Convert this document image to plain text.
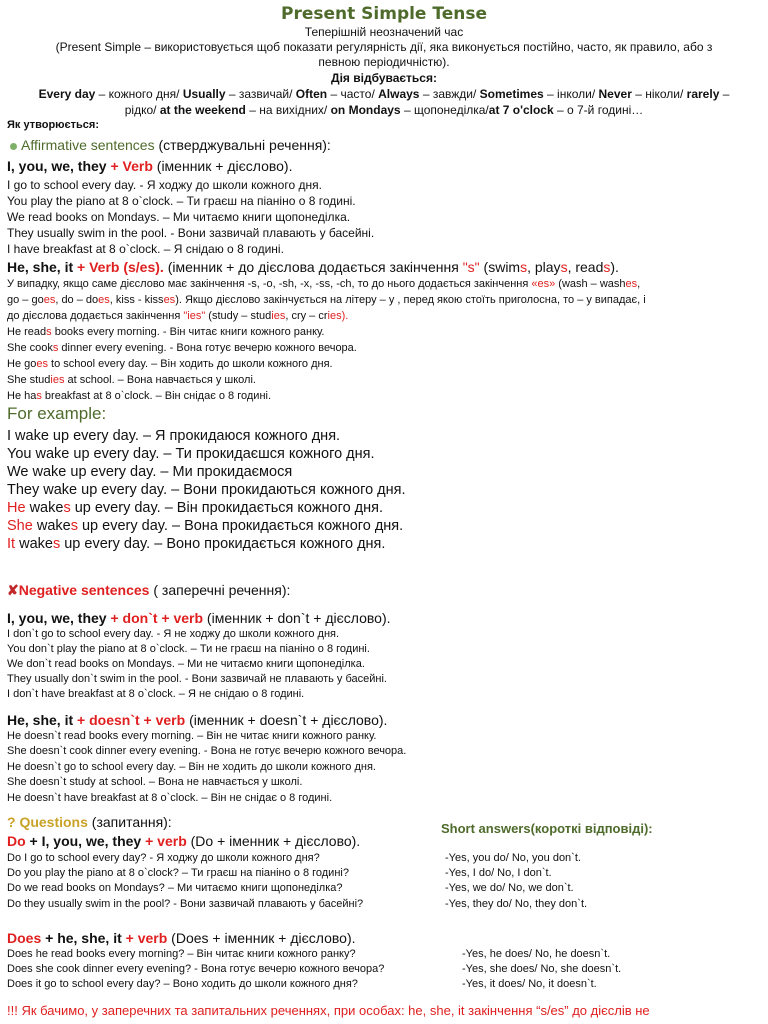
Present Simple Tense
Теперішній неозначений час
(Present Simple – використовується щоб показати регулярність дії, яка виконується постійно, часто, як правило, або з
певною періодичністю).
Дія відбувається:
Every day – кожного дня/ Usually – зазвичай/ Often – часто/ Always – завжди/ Sometimes – інколи/ Never – ніколи/ rarely –
рідко/ at the weekend – на вихідних/ on Mondays – щопонеділка/at 7 o'clock – о 7-й годині…
Як утворюється:
Affirmative sentences (стверджувальні речення):
I, you, we, they + Verb (іменник + дієслово).
I go to school every day. - Я ходжу до школи кожного дня.
You play the piano at 8 o`clock. – Ти граєш на піаніно о 8 годині.
We read books on Mondays. – Ми читаємо книги щопонеділка.
They usually swim in the pool. - Вони зазвичай плавають у басейні.
I have breakfast at 8 o`clock. – Я снідаю о 8 годині.
He, she, it + Verb (s/es). (іменник + до дієслова додається закінчення "s" (swims, plays, reads).
У випадку, якщо саме дієслово має закінчення -s, -o, -sh, -x, -ss, -ch, то до нього додається закінчення «es» (wash – washes,
go – goes, do – does, kiss - kisses). Якщо дієслово закінчується на літеру – у , перед якою стоїть приголосна, то – у випадає, і
до дієслова додається закінчення "ies" (study – studies, cry – cries).
He reads books every morning. - Він читає книги кожного ранку.
She cooks dinner every evening. - Вона готує вечерю кожного вечора.
He goes to school every day. – Він ходить до школи кожного дня.
She studies at school. – Вона навчається у школі.
He has breakfast at 8 o`clock. – Він снідає о 8 годині.
For example:
I wake up every day. – Я прокидаюся кожного дня.
You wake up every day. – Ти прокидаєшся кожного дня.
We wake up every day. – Ми прокидаємося
They wake up every day. – Вони прокидаються кожного дня.
He wakes up every day. – Він прокидається кожного дня.
She wakes up every day. – Вона прокидається кожного дня.
It wakes up every day. – Воно прокидається кожного дня.
✘Negative sentences ( заперечні речення):
I, you, we, they + don`t + verb (іменник + don`t + дієслово).
I don`t go to school every day. - Я не ходжу до школи кожного дня.
You don`t play the piano at 8 o`clock. – Ти не граєш на піаніно о 8 годині.
We don`t read books on Mondays. – Ми не читаємо книги щопонеділка.
They usually don`t swim in the pool. - Вони зазвичай не плавають у басейні.
I don`t have breakfast at 8 o`clock. – Я не снідаю о 8 годині.
He, she, it + doesn`t + verb (іменник + doesn`t + дієслово).
He doesn`t read books every morning. – Він не читає книги кожного ранку.
She doesn`t cook dinner every evening. - Вона не готує вечерю кожного вечора.
He doesn`t go to school every day. – Він не ходить до школи кожного дня.
She doesn`t study at school. – Вона не навчається у школі.
He doesn`t have breakfast at 8 o`clock. – Він не снідає о 8 годині.
? Questions (запитання):	Short answers(короткі відповіді):
Do + I, you, we, they + verb (Do + іменник + дієслово).
Do I go to school every day? - Я ходжу до школи кожного дня?	-Yes, you do/ No, you don`t.
Do you play the piano at 8 o`clock? – Ти граєш на піаніно о 8 годині?	-Yes, I do/ No, I don`t.
Do we read books on Mondays? – Ми читаємо книги щопонеділка?	-Yes, we do/ No, we don`t.
Do they usually swim in the pool? - Вони зазвичай плавають у басейні?	-Yes, they do/ No, they don`t.
Does + he, she, it + verb (Does + іменник + дієслово).
Does he read books every morning? – Він читає книги кожного ранку?	-Yes, he does/ No, he doesn`t.
Does she cook dinner every evening? - Вона готує вечерю кожного вечора?	-Yes, she does/ No, she doesn`t.
Does it go to school every day? – Воно ходить до школи кожного дня?	-Yes, it does/ No, it doesn`t.
!!! Як бачимо, у заперечних та запитальних реченнях, при особах: he, she, it закінчення “s/es” до дієслів не
